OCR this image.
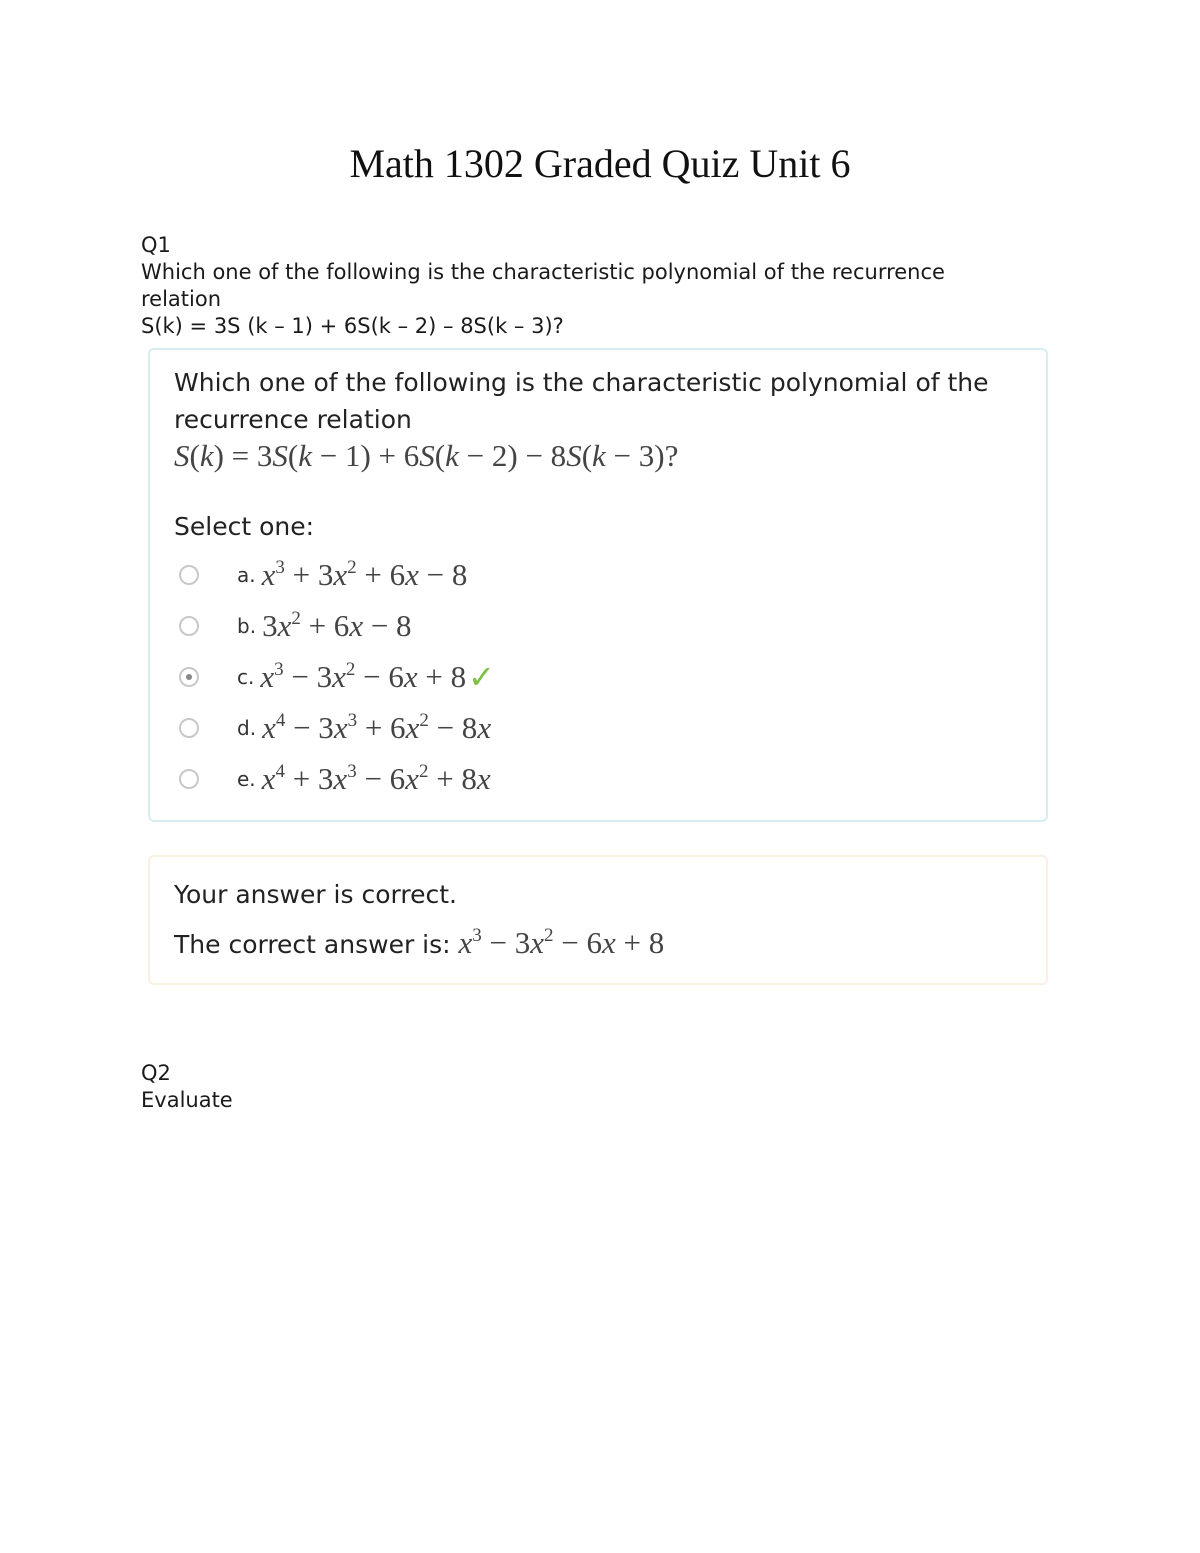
Math 1302 Graded Quiz Unit 6
Q1
Which one of the following is the characteristic polynomial of the recurrence
relation
S(k) = 3S (k – 1) + 6S(k – 2) – 8S(k – 3)?
Which one of the following is the characteristic polynomial of the recurrence relation
S(k) = 3S(k − 1) + 6S(k − 2) − 8S(k − 3)?
Select one:
a. $x^3 + 3x^2 + 6x - 8$
b. $3x^2 + 6x - 8$
c. $x^3 - 3x^2 - 6x + 8$ ✓
d. $x^4 - 3x^3 + 6x^2 - 8x$
e. $x^4 + 3x^3 - 6x^2 + 8x$
Your answer is correct.
The correct answer is: $x^3 - 3x^2 - 6x + 8$
Q2
Evaluate
